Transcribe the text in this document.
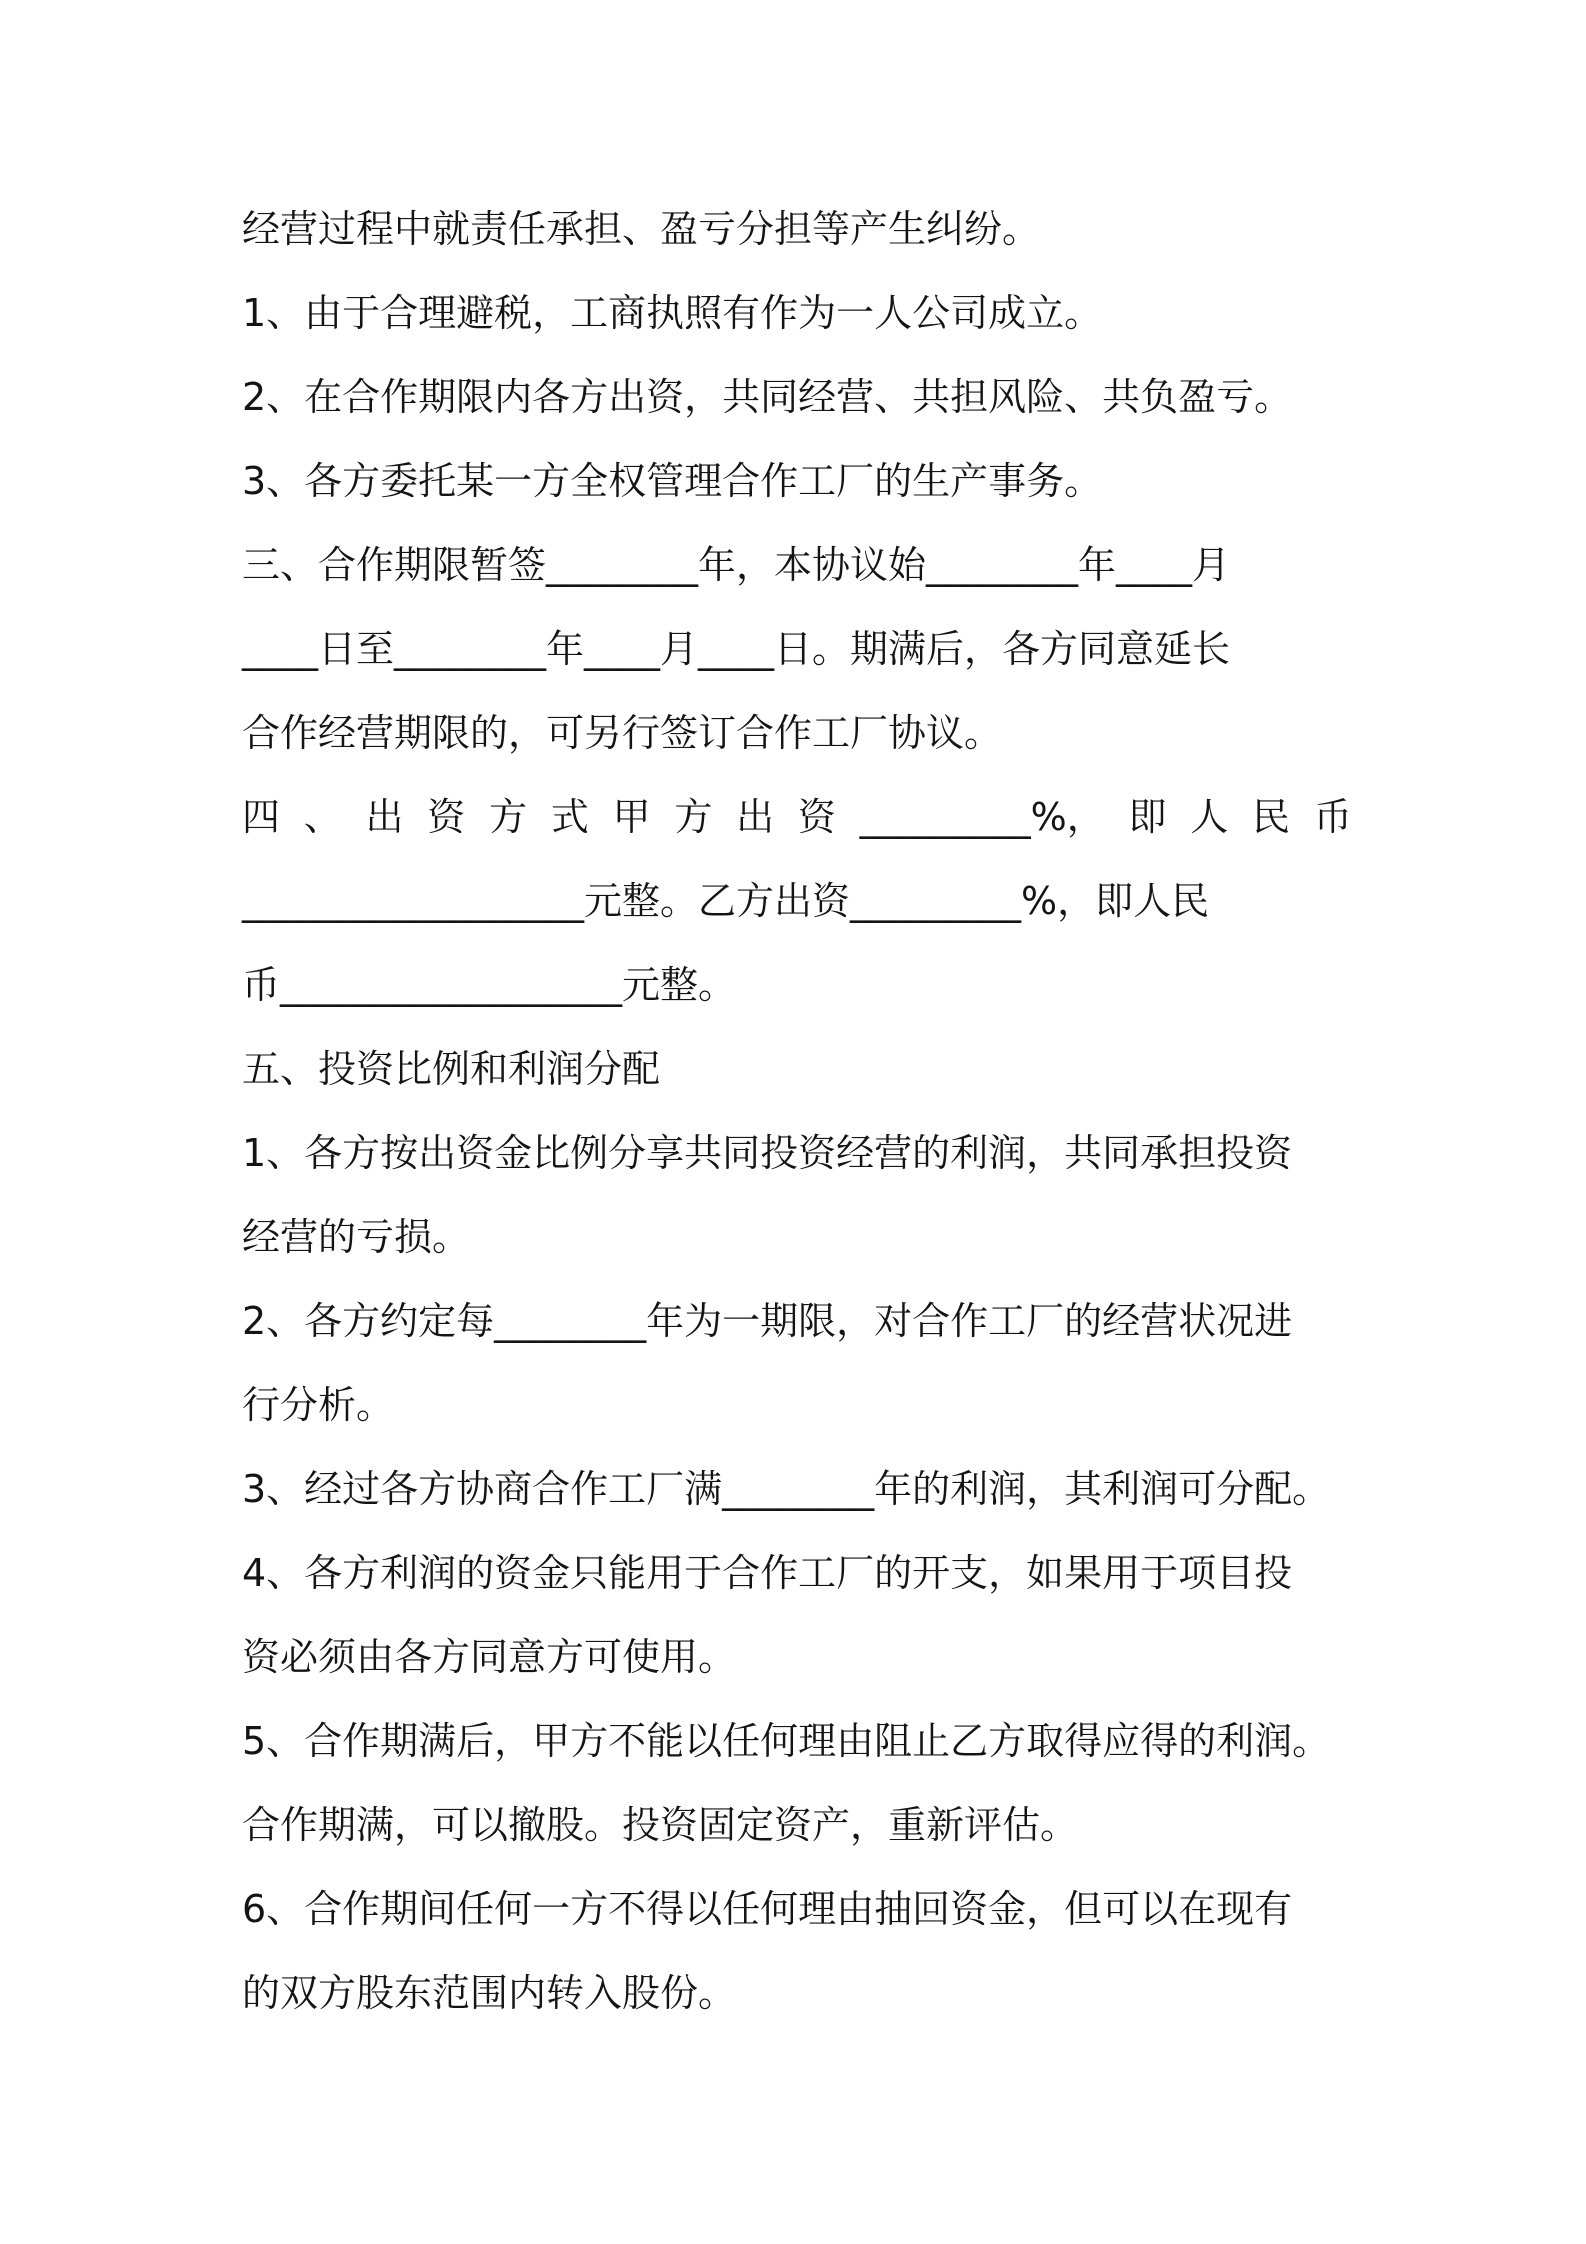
经营过程中就责任承担、盈亏分担等产生纠纷。
1、由于合理避税，工商执照有作为一人公司成立。
2、在合作期限内各方出资，共同经营、共担风险、共负盈亏。
3、各方委托某一方全权管理合作工厂的生产事务。
三、合作期限暂签________年，本协议始________年____月
____日至________年____月____日。期满后，各方同意延长
合作经营期限的，可另行签订合作工厂协议。
四 、 出 资 方 式 甲 方 出 资 _________%， 即 人 民 币
__________________元整。乙方出资_________%，即人民
币__________________元整。
五、投资比例和利润分配
1、各方按出资金比例分享共同投资经营的利润，共同承担投资
经营的亏损。
2、各方约定每________年为一期限，对合作工厂的经营状况进
行分析。
3、经过各方协商合作工厂满________年的利润，其利润可分配。
4、各方利润的资金只能用于合作工厂的开支，如果用于项目投
资必须由各方同意方可使用。
5、合作期满后，甲方不能以任何理由阻止乙方取得应得的利润。
合作期满，可以撤股。投资固定资产，重新评估。
6、合作期间任何一方不得以任何理由抽回资金，但可以在现有
的双方股东范围内转入股份。
